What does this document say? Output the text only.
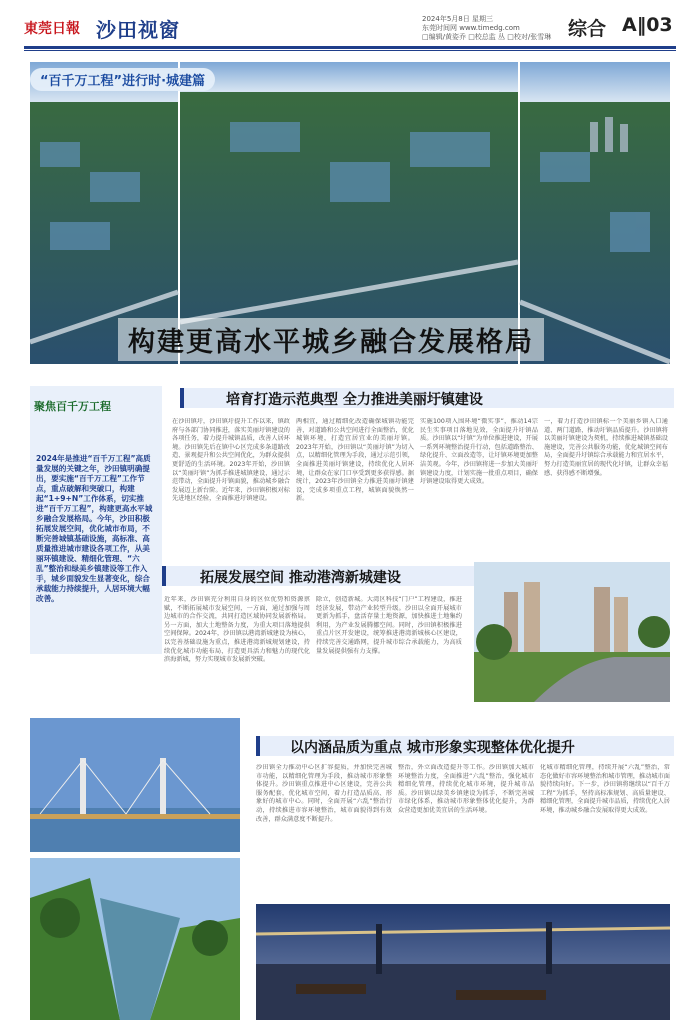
東莞日報 沙田视窗	2024年5月8日 星期三
东莞时间网 www.timedg.com
□编辑/黄姿乔 □校总监 丛 □校对/张雪琳 综合 A‖03
“百千万工程”进行时·城建篇
构建更高水平城乡融合发展格局
聚焦百千万工程
2024年是推进“百千万工程”高质量发展的关键之年，沙田镇明确提出，要实施“百千万工程”工作节点，重点破解和突破口，构建起“1+9+N”工作体系，切实推进“百千万工程”，构建更高水平城乡融合发展格局。今年，沙田积极拓展发展空间，优化城市布局，不断完善城镇基础设施，高标准、高质量推进城市建设各项工作，从美丽环镇建设、精细化管理、“六乱”整治和绿美乡镇建设等工作入手，城乡面貌发生显著变化，综合承载能力持续提升，人居环境大幅改善。
培育打造示范典型 全力推进美丽圩镇建设
在沙田镇圩，沙田镇圩提升工作以来，镇政府与各部门协同推进，落实美丽圩镇建设的各项任务，着力提升城镇品质，改善人居环境。沙田镇先后在镇中心区完成多条道路改造、景观提升和公共空间优化，为群众提供更舒适的生活环境。2023年开始，沙田镇以“美丽圩镇”为抓手推进城镇建设，通过示范带动，全面提升圩镇面貌，推动城乡融合发展迈上新台阶。近年来，沙田镇积极对标先进地区经验，全面推进圩镇建设。
两相宜，通过精细化改造确保城镇功能完善，对道路和公共空间进行全面整治，优化城镇环境，打造宜居宜业的美丽圩镇。2023年开始，沙田镇以“美丽圩镇”为切入点，以精细化管理为手段，通过示范引领，全面推进美丽圩镇建设，持续优化人居环境，让群众在家门口享受到更多获得感。据统计，2023年沙田镇全力推进美丽圩镇建设，完成多项重点工程，城镇面貌焕然一新。
实施100项入围环境“微实事”，推动14宗民生实事项目落地见效，全面提升圩镇品质。沙田镇以“圩镇”为单位推进建设，开展一系列环境整治提升行动，包括道路整治、绿化提升、立面改造等，让圩镇环境更加整洁美观。今年，沙田镇将进一步加大美丽圩镇建设力度，计划实施一批重点项目，确保圩镇建设取得更大成效。
一，着力打造沙田镇标一个美丽乡镇入口通道、两门道路，推动圩镇品质提升。沙田镇将以美丽圩镇建设为契机，持续推进城镇基础设施建设，完善公共服务功能，优化城镇空间布局，全面提升圩镇综合承载能力和宜居水平，努力打造美丽宜居的现代化圩镇，让群众幸福感、获得感不断增强。
拓展发展空间 推动港湾新城建设
近年来，沙田镇充分利用自身的区位优势和资源禀赋，不断拓展城市发展空间，一方面，通过加强与周边城市的合作交流，共同打造区域协同发展新格局。另一方面，加大土地整备力度，为重大项目落地提供空间保障。2024年，沙田镇以港湾新城建设为核心，以完善基础设施为重点，推进港湾新城规划建设，持续优化城市功能布局，打造更具活力和魅力的现代化滨海新城，努力实现城市发展新突破。
除立，创造新城。大湾区科技“门户”工程建设，推进经济发展，带动产业转型升级。沙田以全面开展城市更新为抓手，盘活存量土地资源，加快推进土地集约利用，为产业发展腾挪空间。同时，沙田镇积极推进重点片区开发建设，统筹推进港湾新城核心区建设，持续完善交通路网，提升城市综合承载能力，为高质量发展提供强有力支撑。
以内涵品质为重点 城市形象实现整体优化提升
沙田镇全力推动中心区扩容提质，并加快完善城市功能，以精细化管理为手段，推动城市形象整体提升。沙田镇重点推进中心区建设，完善公共服务配套，优化城市空间，着力打造品质高、形象好的城市中心。同时，全面开展“六乱”整治行动，持续推进市容环境整治，城市面貌得到有效改善，群众满意度不断提升。
整治，外立面改造提升等工作。沙田镇加大城市环境整治力度，全面推进“六乱”整治，强化城市精细化管理，持续优化城市环境，提升城市品质。沙田镇以绿美乡镇建设为抓手，不断完善城市绿化体系，推动城市形象整体优化提升，为群众营造更加优美宜居的生活环境。
化城市精细化管理，持续开展“六乱”整治，常态化做好市容环境整治和城市管理，推动城市面貌持续向好。下一步，沙田镇将继续以“百千万工程”为抓手，坚持高标准规划、高质量建设、精细化管理，全面提升城市品质，持续优化人居环境，推动城乡融合发展取得更大成效。
